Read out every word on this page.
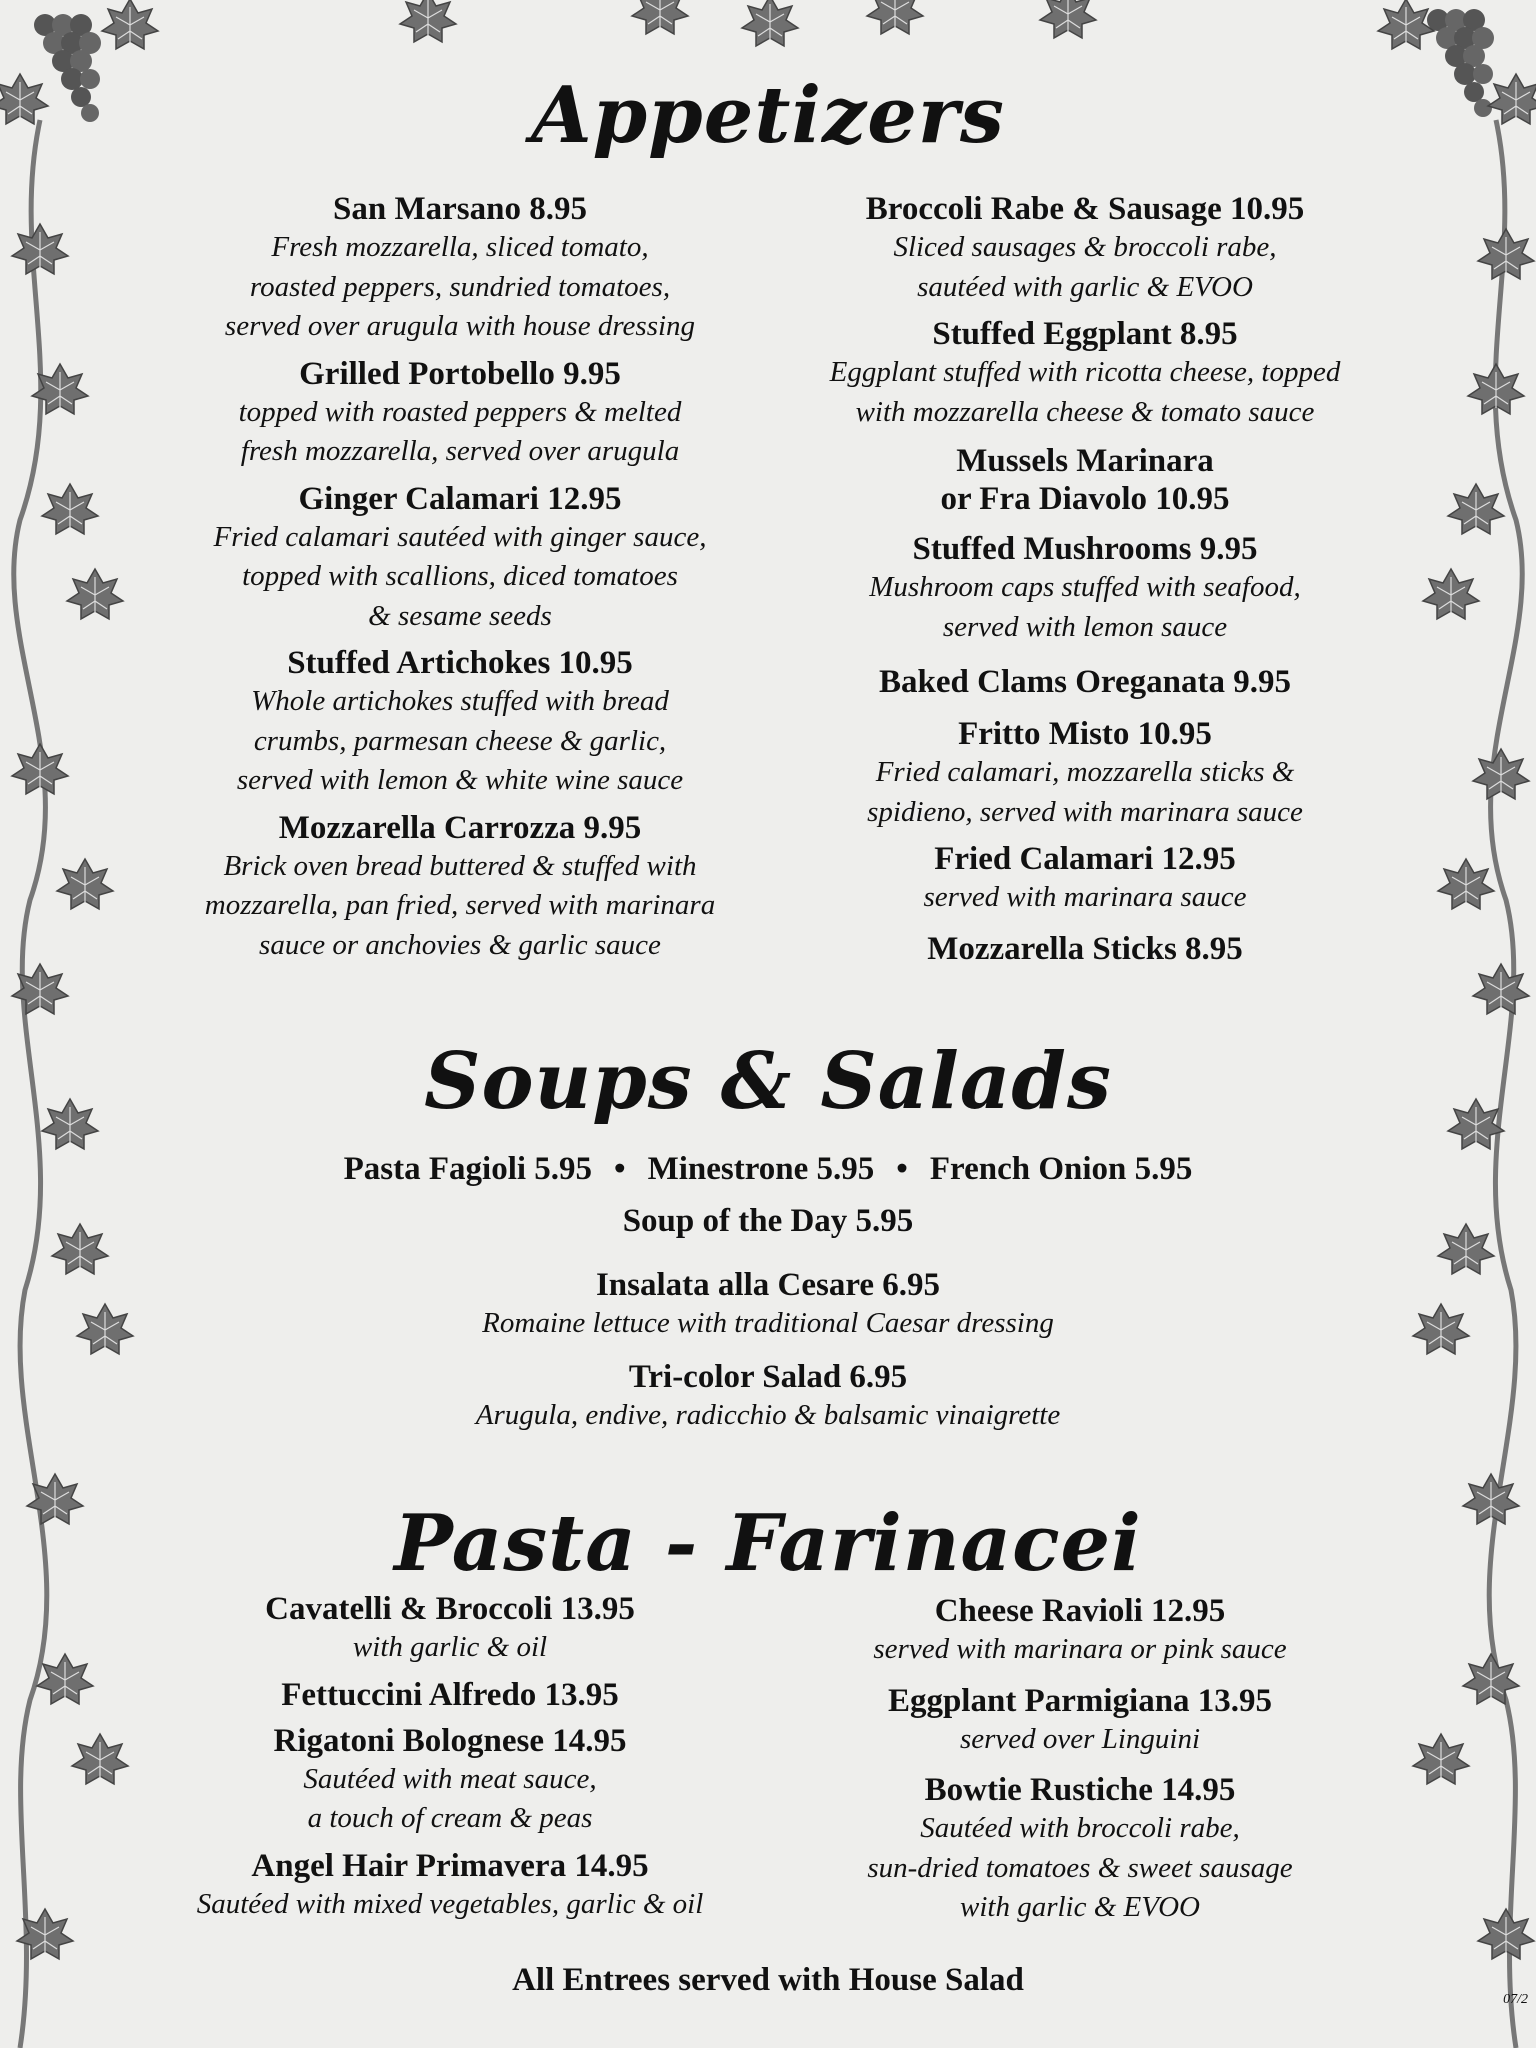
Appetizers
San Marsano 8.95
Fresh mozzarella, sliced tomato,
roasted peppers, sundried tomatoes,
served over arugula with house dressing
Grilled Portobello 9.95
topped with roasted peppers & melted
fresh mozzarella, served over arugula
Ginger Calamari 12.95
Fried calamari sautéed with ginger sauce,
topped with scallions, diced tomatoes
& sesame seeds
Stuffed Artichokes 10.95
Whole artichokes stuffed with bread
crumbs, parmesan cheese & garlic,
served with lemon & white wine sauce
Mozzarella Carrozza 9.95
Brick oven bread buttered & stuffed with
mozzarella, pan fried, served with marinara
sauce or anchovies & garlic sauce
Broccoli Rabe & Sausage 10.95
Sliced sausages & broccoli rabe,
sautéed with garlic & EVOO
Stuffed Eggplant 8.95
Eggplant stuffed with ricotta cheese, topped
with mozzarella cheese & tomato sauce
Mussels Marinara
or Fra Diavolo 10.95
Stuffed Mushrooms 9.95
Mushroom caps stuffed with seafood,
served with lemon sauce
Baked Clams Oreganata 9.95
Fritto Misto 10.95
Fried calamari, mozzarella sticks &
spidieno, served with marinara sauce
Fried Calamari 12.95
served with marinara sauce
Mozzarella Sticks 8.95
Soups & Salads
Pasta Fagioli 5.95 • Minestrone 5.95 • French Onion 5.95
Soup of the Day 5.95
Insalata alla Cesare 6.95
Romaine lettuce with traditional Caesar dressing
Tri-color Salad 6.95
Arugula, endive, radicchio & balsamic vinaigrette
Pasta - Farinacei
Cavatelli & Broccoli 13.95
with garlic & oil
Fettuccini Alfredo 13.95
Rigatoni Bolognese 14.95
Sautéed with meat sauce,
a touch of cream & peas
Angel Hair Primavera 14.95
Sautéed with mixed vegetables, garlic & oil
Cheese Ravioli 12.95
served with marinara or pink sauce
Eggplant Parmigiana 13.95
served over Linguini
Bowtie Rustiche 14.95
Sautéed with broccoli rabe,
sun-dried tomatoes & sweet sausage
with garlic & EVOO
All Entrees served with House Salad
07/2
